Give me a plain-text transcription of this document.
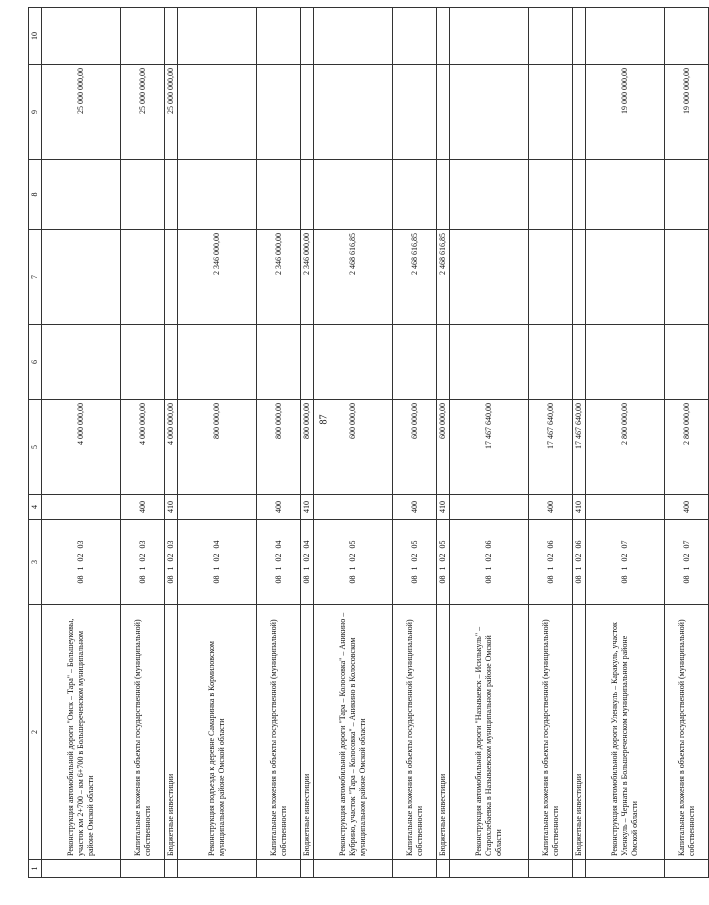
87
1	2	3	4	5	6	7	8	9	10
	Реконструкция автомобильной дороги "Омск – Тара" – Большеуковы, участок км 2+700 – км 6+700 в Большереченском муниципальном районе Омской области	08 1 02 03		4 000 000,00				25 000 000,00	
	Капитальные вложения в объекты государственной (муниципальной) собственности	08 1 02 03	400	4 000 000,00				25 000 000,00	
	Бюджетные инвестиции	08 1 02 03	410	4 000 000,00				25 000 000,00	
	Реконструкция подъезда к деревне Самаринка в Кормиловском муниципальном районе Омской области	08 1 02 04		800 000,00		2 346 000,00			
	Капитальные вложения в объекты государственной (муниципальной) собственности	08 1 02 04	400	800 000,00		2 346 000,00			
	Бюджетные инвестиции	08 1 02 04	410	800 000,00		2 346 000,00			
	Реконструкция автомобильной дороги "Тара – Колосовка" – Аникино – Кубрино, участок "Тара – Колосовка" – Аникино в Колосовском муниципальном районе Омской области	08 1 02 05		600 000,00		2 468 616,85			
	Капитальные вложения в объекты государственной (муниципальной) собственности	08 1 02 05	400	600 000,00		2 468 616,85			
	Бюджетные инвестиции	08 1 02 05	410	600 000,00		2 468 616,85			
	Реконструкция автомобильной дороги "Называевск – Исилькуль" – Старохлебаевка в Называевском муниципальном районе Омской области	08 1 02 06		17 467 640,00					
	Капитальные вложения в объекты государственной (муниципальной) собственности	08 1 02 06	400	17 467 640,00					
	Бюджетные инвестиции	08 1 02 06	410	17 467 640,00					
	Реконструкция автомобильной дороги Уленкуль – Каракуль, участок Уленкуль – Чернаты в Большереченском муниципальном районе Омской области	08 1 02 07		2 800 000,00				19 000 000,00	
	Капитальные вложения в объекты государственной (муниципальной) собственности	08 1 02 07	400	2 800 000,00				19 000 000,00	
